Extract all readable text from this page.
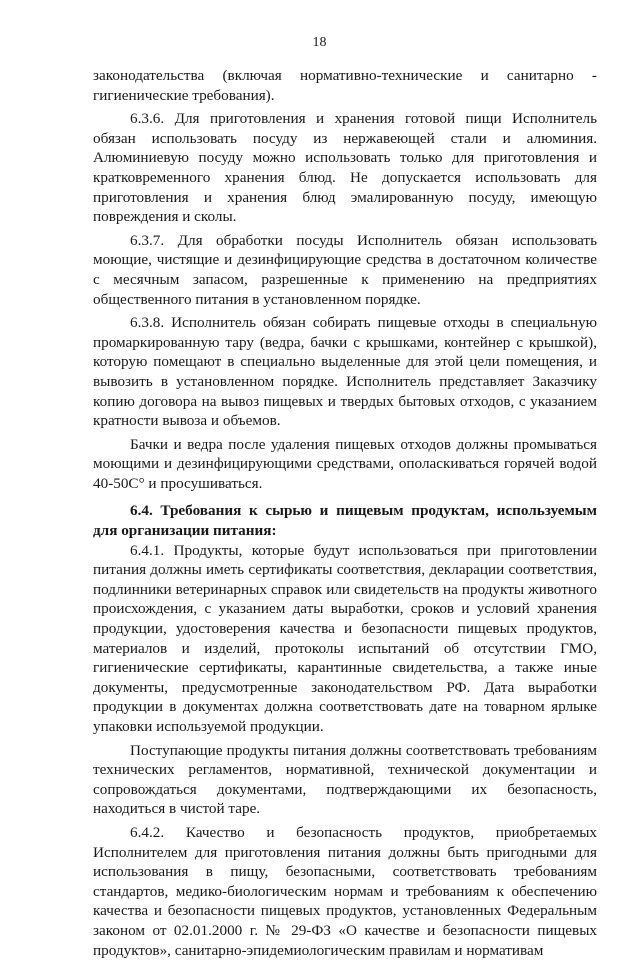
18

законодательства (включая нормативно-технические и санитарно - гигиенические требования).

6.3.6. Для приготовления и хранения готовой пищи Исполнитель обязан использовать посуду из нержавеющей стали и алюминия. Алюминиевую посуду можно использовать только для приготовления и кратковременного хранения блюд. Не допускается использовать для приготовления и хранения блюд эмалированную посуду, имеющую повреждения и сколы.

6.3.7. Для обработки посуды Исполнитель обязан использовать моющие, чистящие и дезинфицирующие средства в достаточном количестве с месячным запасом, разрешенные к применению на предприятиях общественного питания в установленном порядке.

6.3.8. Исполнитель обязан собирать пищевые отходы в специальную промаркированную тару (ведра, бачки с крышками, контейнер с крышкой), которую помещают в специально выделенные для этой цели помещения, и вывозить в установленном порядке. Исполнитель представляет Заказчику копию договора на вывоз пищевых и твердых бытовых отходов, с указанием кратности вывоза и объемов.

Бачки и ведра после удаления пищевых отходов должны промываться моющими и дезинфицирующими средствами, ополаскиваться горячей водой 40-50С° и просушиваться.

6.4. Требования к сырью и пищевым продуктам, используемым для организации питания:

6.4.1. Продукты, которые будут использоваться при приготовлении питания должны иметь сертификаты соответствия, декларации соответствия, подлинники ветеринарных справок или свидетельств на продукты животного происхождения, с указанием даты выработки, сроков и условий хранения продукции, удостоверения качества и безопасности пищевых продуктов, материалов и изделий, протоколы испытаний об отсутствии ГМО, гигиенические сертификаты, карантинные свидетельства, а также иные документы, предусмотренные законодательством РФ. Дата выработки продукции в документах должна соответствовать дате на товарном ярлыке упаковки используемой продукции.

Поступающие продукты питания должны соответствовать требованиям технических регламентов, нормативной, технической документации и сопровождаться документами, подтверждающими их безопасность, находиться в чистой таре.

6.4.2. Качество и безопасность продуктов, приобретаемых Исполнителем для приготовления питания должны быть пригодными для использования в пищу, безопасными, соответствовать требованиям стандартов, медико-биологическим нормам и требованиям к обеспечению качества и безопасности пищевых продуктов, установленных Федеральным законом от 02.01.2000 г. № 29-ФЗ «О качестве и безопасности пищевых продуктов», санитарно-эпидемиологическим правилам и нормативам
